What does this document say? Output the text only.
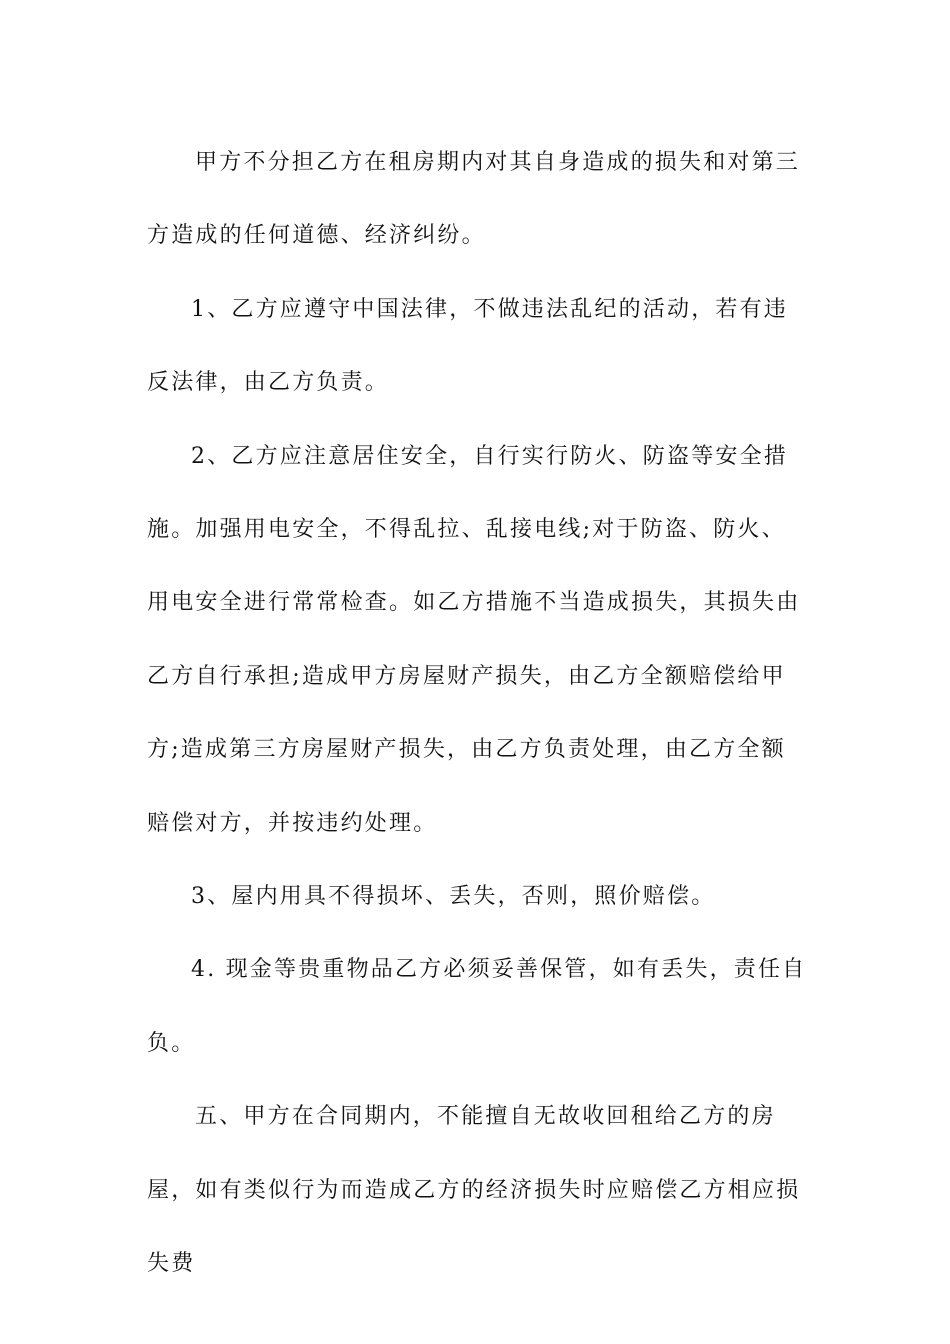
甲方不分担乙方在租房期内对其自身造成的损失和对第三方造成的任何道德、经济纠纷。

1、乙方应遵守中国法律，不做违法乱纪的活动，若有违反法律，由乙方负责。

2、乙方应注意居住安全，自行实行防火、防盗等安全措施。加强用电安全，不得乱拉、乱接电线;对于防盗、防火、用电安全进行常常检查。如乙方措施不当造成损失，其损失由乙方自行承担;造成甲方房屋财产损失，由乙方全额赔偿给甲方;造成第三方房屋财产损失，由乙方负责处理，由乙方全额赔偿对方，并按违约处理。

3、屋内用具不得损坏、丢失，否则，照价赔偿。

4. 现金等贵重物品乙方必须妥善保管，如有丢失，责任自负。

五、甲方在合同期内，不能擅自无故收回租给乙方的房屋，如有类似行为而造成乙方的经济损失时应赔偿乙方相应损失费
